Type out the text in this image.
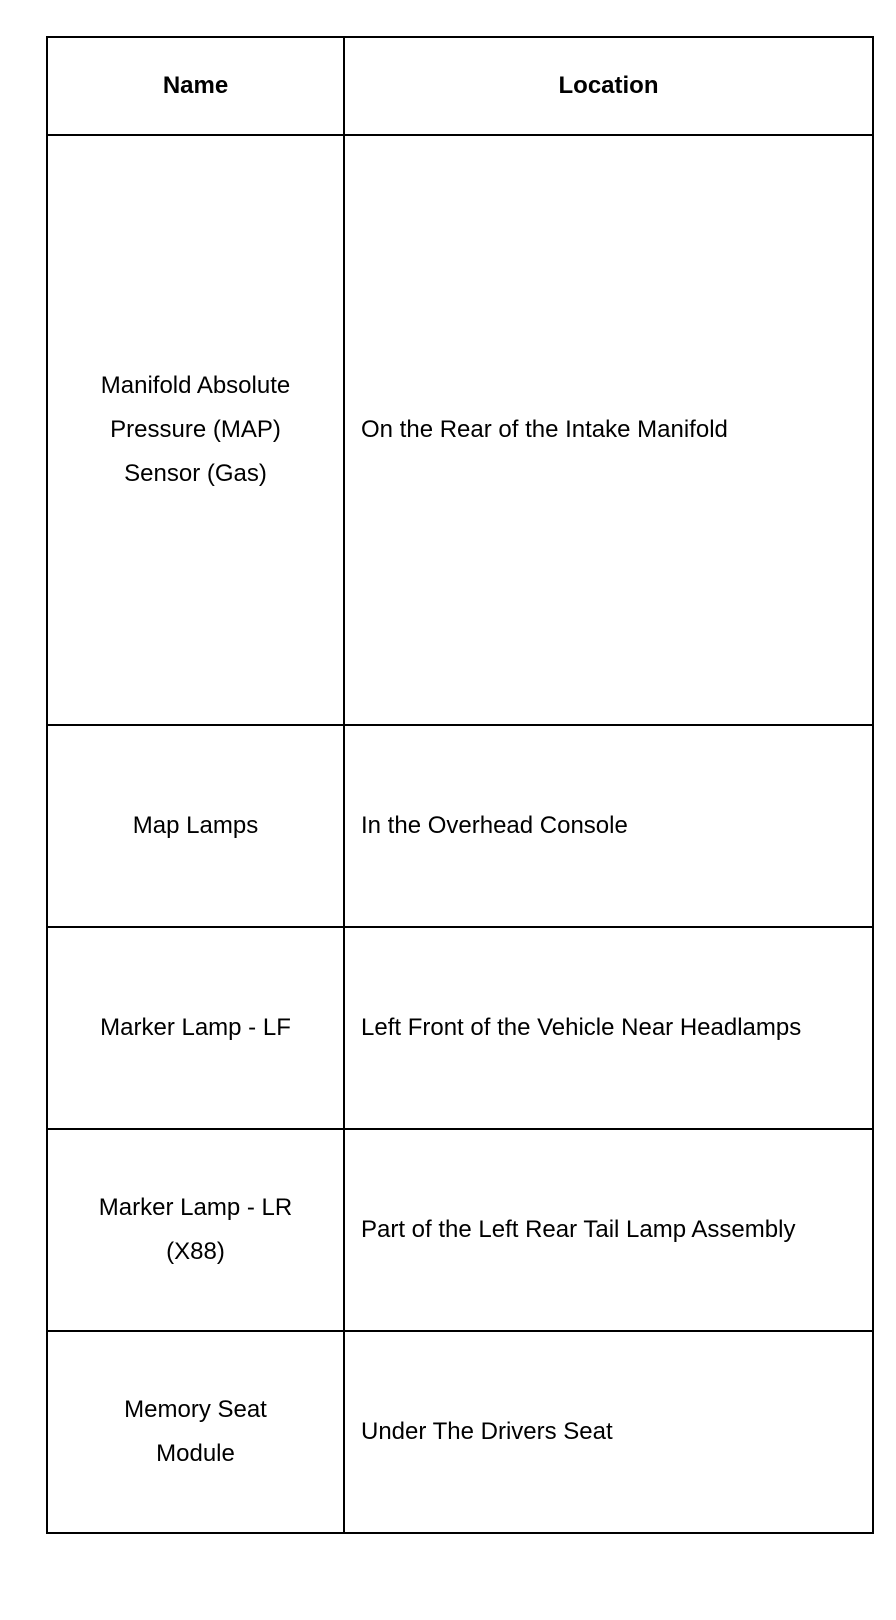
Name	Location

Manifold Absolute
Pressure (MAP)
Sensor (Gas)	On the Rear of the Intake Manifold

Map Lamps	In the Overhead Console

Marker Lamp - LF	Left Front of the Vehicle Near Headlamps

Marker Lamp - LR
(X88)	Part of the Left Rear Tail Lamp Assembly

Memory Seat
Module	Under The Drivers Seat
